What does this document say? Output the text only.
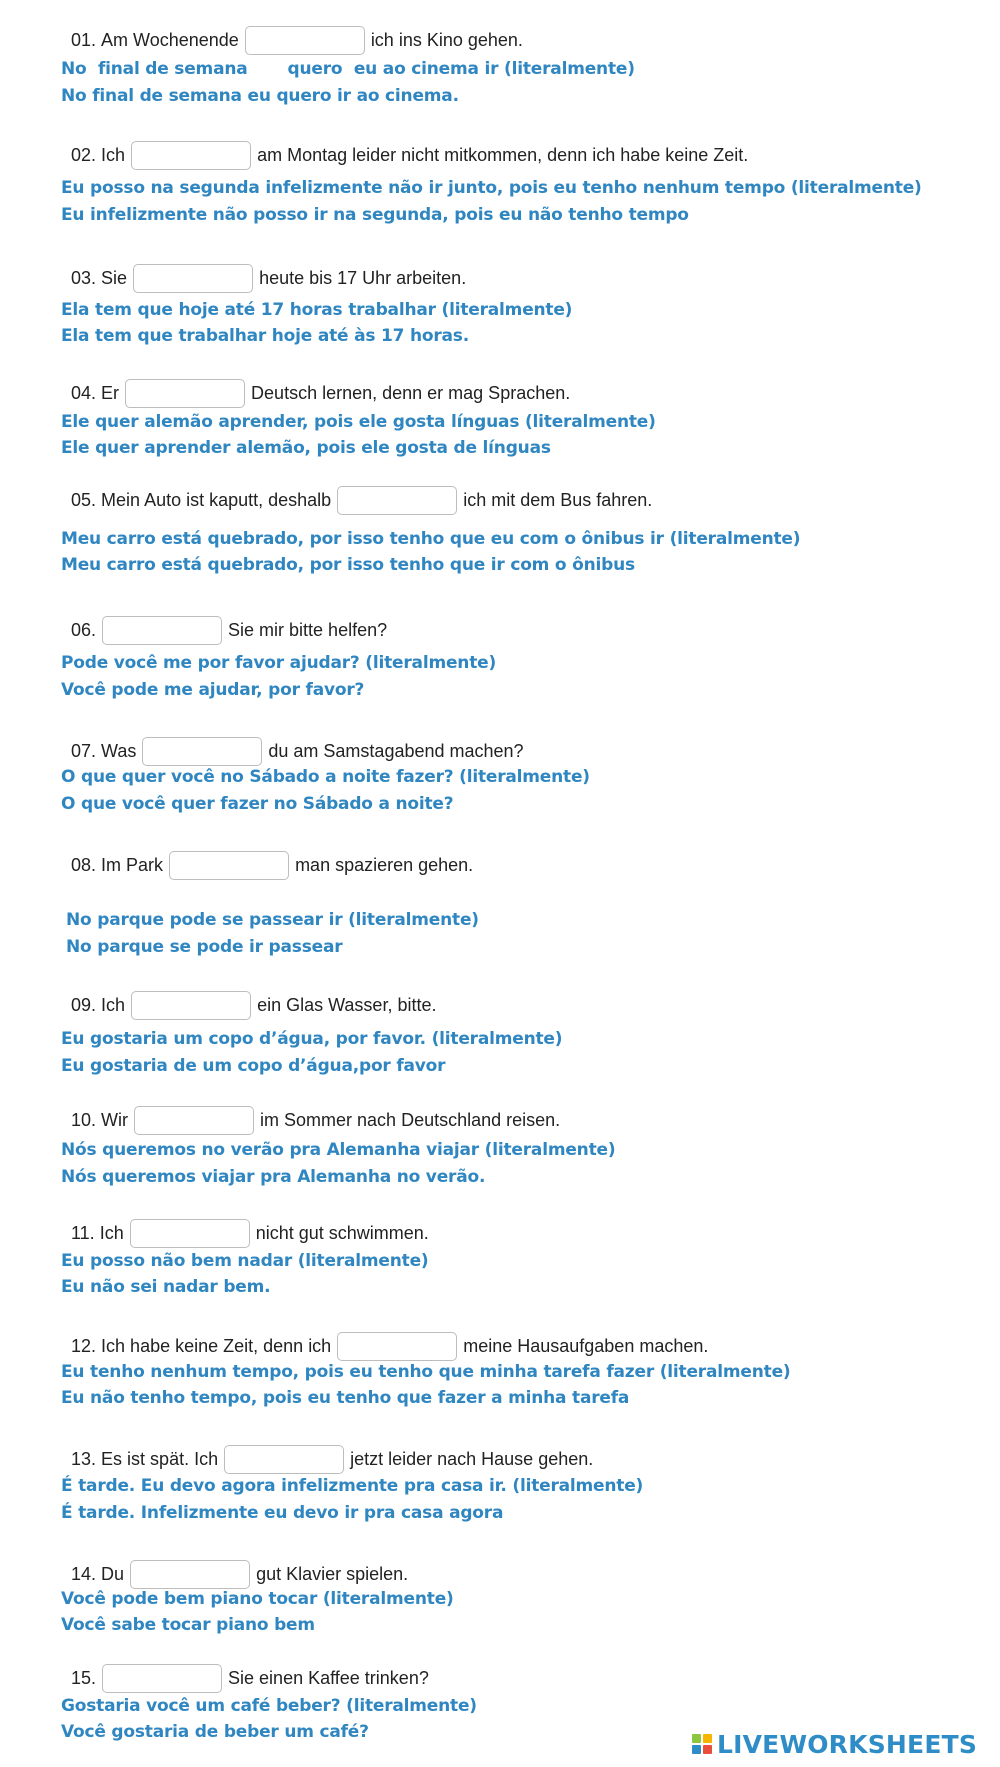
01.
Am Wochenende	ich ins Kino gehen.
No  final de semana       quero  eu ao cinema ir (literalmente)
No final de semana eu quero ir ao cinema.
02.
Ich	am Montag leider nicht mitkommen, denn ich habe keine Zeit.
Eu posso na segunda infelizmente não ir junto, pois eu tenho nenhum tempo (literalmente)
Eu infelizmente não posso ir na segunda, pois eu não tenho tempo
03.
Sie	heute bis 17 Uhr arbeiten.
Ela tem que hoje até 17 horas trabalhar (literalmente)
Ela tem que trabalhar hoje até às 17 horas.
04.
Er	Deutsch lernen, denn er mag Sprachen.
Ele quer alemão aprender, pois ele gosta línguas (literalmente)
Ele quer aprender alemão, pois ele gosta de línguas
05.
Mein Auto ist kaputt, deshalb	ich mit dem Bus fahren.
Meu carro está quebrado, por isso tenho que eu com o ônibus ir (literalmente)
Meu carro está quebrado, por isso tenho que ir com o ônibus
06.	Sie mir bitte helfen?
Pode você me por favor ajudar? (literalmente)
Você pode me ajudar, por favor?
07.
Was	du am Samstagabend machen?
O que quer você no Sábado a noite fazer? (literalmente)
O que você quer fazer no Sábado a noite?
08.
Im Park	man spazieren gehen.
No parque pode se passear ir (literalmente)
No parque se pode ir passear
09.
Ich	ein Glas Wasser, bitte.
Eu gostaria um copo d’água, por favor. (literalmente)
Eu gostaria de um copo d’água,por favor
10.
Wir	im Sommer nach Deutschland reisen.
Nós queremos no verão pra Alemanha viajar (literalmente)
Nós queremos viajar pra Alemanha no verão.
11.
Ich	nicht gut schwimmen.
Eu posso não bem nadar (literalmente)
Eu não sei nadar bem.
12.
Ich habe keine Zeit, denn ich	meine Hausaufgaben machen.
Eu tenho nenhum tempo, pois eu tenho que minha tarefa fazer (literalmente)
Eu não tenho tempo, pois eu tenho que fazer a minha tarefa
13.
Es ist spät. Ich	jetzt leider nach Hause gehen.
É tarde. Eu devo agora infelizmente pra casa ir. (literalmente)
É tarde. Infelizmente eu devo ir pra casa agora
14.
Du	gut Klavier spielen.
Você pode bem piano tocar (literalmente)
Você sabe tocar piano bem
15.	Sie einen Kaffee trinken?
Gostaria você um café beber? (literalmente)
Você gostaria de beber um café?	LIVEWORKSHEETS
